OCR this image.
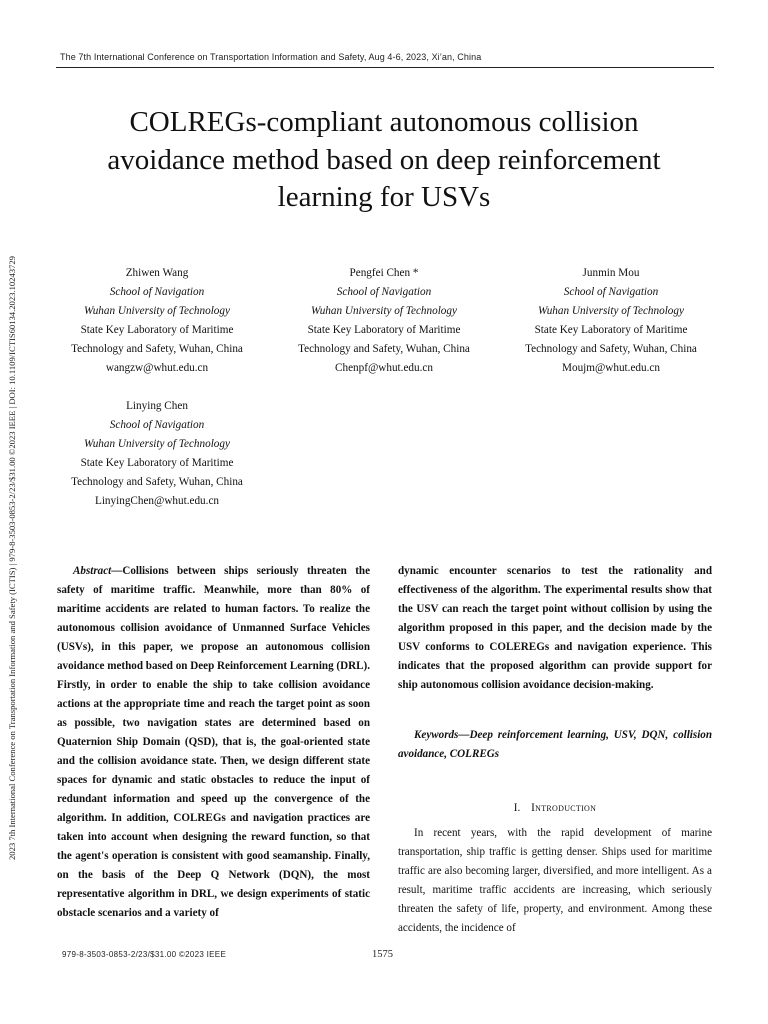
The 7th International Conference on Transportation Information and Safety, Aug 4-6, 2023, Xi’an, China
2023 7th International Conference on Transportation Information and Safety (ICTIS) | 979-8-3503-0853-2/23/$31.00 ©2023 IEEE | DOI: 10.1109/ICTIS60134.2023.10243729
COLREGs-compliant autonomous collision avoidance method based on deep reinforcement learning for USVs
Zhiwen Wang
School of Navigation
Wuhan University of Technology
State Key Laboratory of Maritime
Technology and Safety, Wuhan, China
wangzw@whut.edu.cn
Pengfei Chen *
School of Navigation
Wuhan University of Technology
State Key Laboratory of Maritime
Technology and Safety, Wuhan, China
Chenpf@whut.edu.cn
Junmin Mou
School of Navigation
Wuhan University of Technology
State Key Laboratory of Maritime
Technology and Safety, Wuhan, China
Moujm@whut.edu.cn
Linying Chen
School of Navigation
Wuhan University of Technology
State Key Laboratory of Maritime
Technology and Safety, Wuhan, China
LinyingChen@whut.edu.cn
Abstract—Collisions between ships seriously threaten the safety of maritime traffic. Meanwhile, more than 80% of maritime accidents are related to human factors. To realize the autonomous collision avoidance of Unmanned Surface Vehicles (USVs), in this paper, we propose an autonomous collision avoidance method based on Deep Reinforcement Learning (DRL). Firstly, in order to enable the ship to take collision avoidance actions at the appropriate time and reach the target point as soon as possible, two navigation states are determined based on Quaternion Ship Domain (QSD), that is, the goal-oriented state and the collision avoidance state. Then, we design different state spaces for dynamic and static obstacles to reduce the input of redundant information and speed up the convergence of the algorithm. In addition, COLREGs and navigation practices are taken into account when designing the reward function, so that the agent's operation is consistent with good seamanship. Finally, on the basis of the Deep Q Network (DQN), the most representative algorithm in DRL, we design experiments of static obstacle scenarios and a variety of
dynamic encounter scenarios to test the rationality and effectiveness of the algorithm. The experimental results show that the USV can reach the target point without collision by using the algorithm proposed in this paper, and the decision made by the USV conforms to COLEREGs and navigation experience. This indicates that the proposed algorithm can provide support for ship autonomous collision avoidance decision-making.
Keywords—Deep reinforcement learning, USV, DQN, collision avoidance, COLREGs
I. Introduction
In recent years, with the rapid development of marine transportation, ship traffic is getting denser. Ships used for maritime traffic are also becoming larger, diversified, and more intelligent. As a result, maritime traffic accidents are increasing, which seriously threaten the safety of life, property, and environment. Among these accidents, the incidence of
979-8-3503-0853-2/23/$31.00 ©2023 IEEE	1575
